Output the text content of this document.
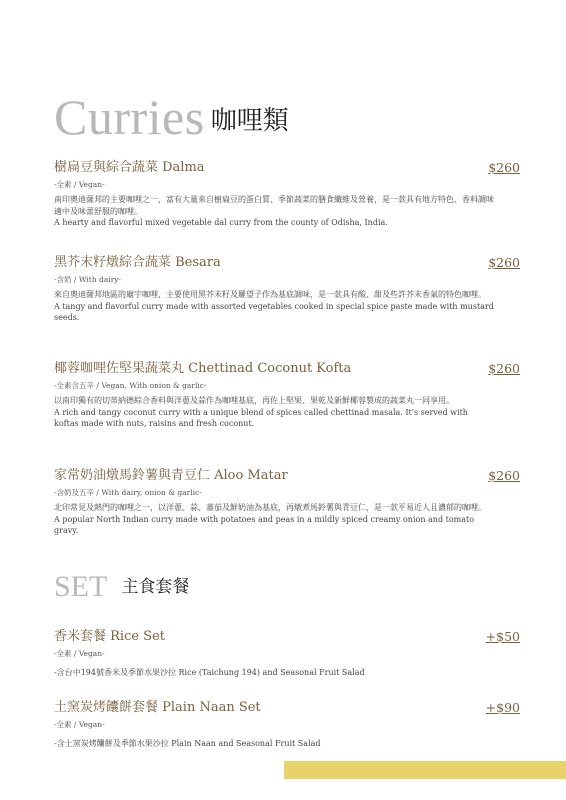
Curries 咖哩類
樹扁豆與綜合蔬菜 Dalma	$260
-全素 / Vegan-
南印奧迪薩邦的主要咖哩之一，富有大量來自樹扁豆的蛋白質、季節蔬菜的膳食纖維及營養，是一款具有地方特色、香料調味適中及味蕾舒服的咖哩。
A hearty and flavorful mixed vegetable dal curry from the county of Odisha, India.
黑芥末籽燉綜合蔬菜 Besara	$260
-含奶 / With dairy-
來自奧迪薩邦地區的廟宇咖哩，主要使用黑芥末籽及羅望子作為基底調味，是一款具有酸、甜及些許芥末香氣的特色咖哩。
A tangy and flavorful curry made with assorted vegetables cooked in special spice paste made with mustard seeds.
椰蓉咖哩佐堅果蔬菜丸 Chettinad Coconut Kofta	$260
-全素含五辛 / Vegan, With onion & garlic-
以南印獨有的切蒂納德綜合香料與洋蔥及蒜作為咖哩基底，再佐上堅果、果乾及新鮮椰蓉製成的蔬菜丸一同享用。
A rich and tangy coconut curry with a unique blend of spices called chettinad masala. It's served with koftas made with nuts, raisins and fresh coconut.
家常奶油燉馬鈴薯與青豆仁 Aloo Matar	$260
-含奶及五辛 / With dairy, onion & garlic-
北印常見及熱門的咖哩之一，以洋蔥、蒜、蕃茄及鮮奶油為基底，再燉煮馬鈴薯與青豆仁，是一款平易近人且濃郁的咖哩。
A popular North Indian curry made with potatoes and peas in a mildly spiced creamy onion and tomato gravy.
SET 主食套餐
香米套餐 Rice Set	+$50
-全素 / Vegan-
-含台中194號香米及季節水果沙拉 Rice (Taichung 194) and Seasonal Fruit Salad
土窯炭烤饢餅套餐 Plain Naan Set	+$90
-全素 / Vegan-
-含土窯炭烤饢餅及季節水果沙拉 Plain Naan and Seasonal Fruit Salad
